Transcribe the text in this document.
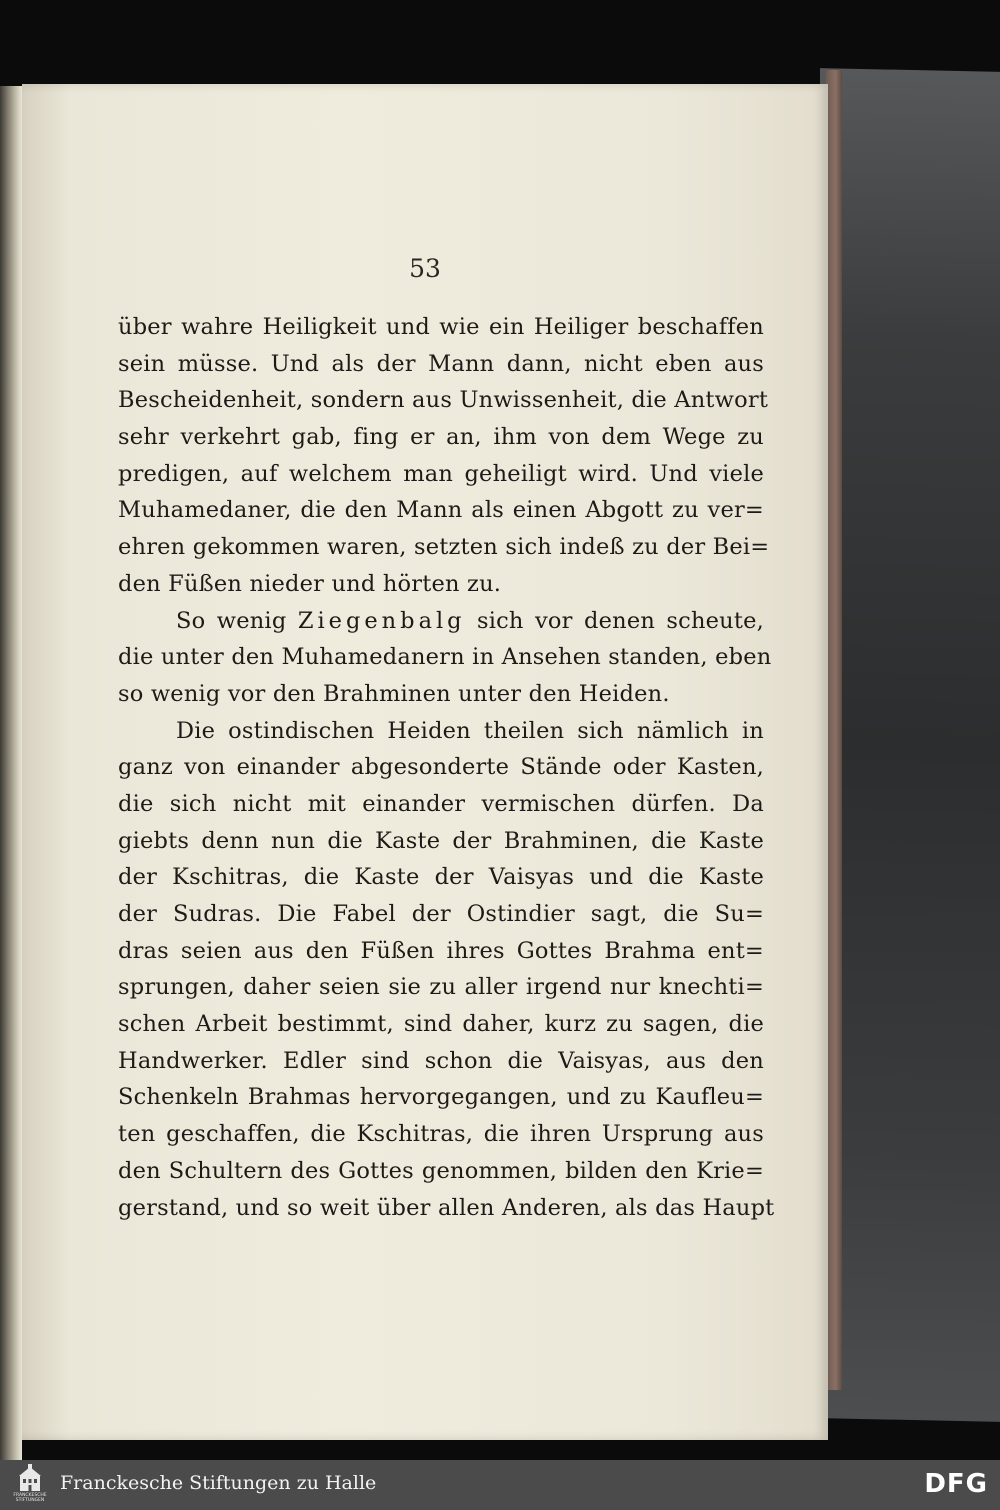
53
über wahre Heiligkeit und wie ein Heiliger beschaffen
sein müsse. Und als der Mann dann, nicht eben aus
Bescheidenheit, sondern aus Unwissenheit, die Antwort
sehr verkehrt gab, fing er an, ihm von dem Wege zu
predigen, auf welchem man geheiligt wird. Und viele
Muhamedaner, die den Mann als einen Abgott zu ver=
ehren gekommen waren, setzten sich indeß zu der Bei=
den Füßen nieder und hörten zu.
So wenig Ziegenbalg sich vor denen scheute,
die unter den Muhamedanern in Ansehen standen, eben
so wenig vor den Brahminen unter den Heiden.
Die ostindischen Heiden theilen sich nämlich in
ganz von einander abgesonderte Stände oder Kasten,
die sich nicht mit einander vermischen dürfen. Da
giebts denn nun die Kaste der Brahminen, die Kaste
der Kschitras, die Kaste der Vaisyas und die Kaste
der Sudras. Die Fabel der Ostindier sagt, die Su=
dras seien aus den Füßen ihres Gottes Brahma ent=
sprungen, daher seien sie zu aller irgend nur knechti=
schen Arbeit bestimmt, sind daher, kurz zu sagen, die
Handwerker. Edler sind schon die Vaisyas, aus den
Schenkeln Brahmas hervorgegangen, und zu Kaufleu=
ten geschaffen, die Kschitras, die ihren Ursprung aus
den Schultern des Gottes genommen, bilden den Krie=
gerstand, und so weit über allen Anderen, als das Haupt
FRANCKESCHE
STIFTUNGEN
Franckesche Stiftungen zu Halle	DFG
